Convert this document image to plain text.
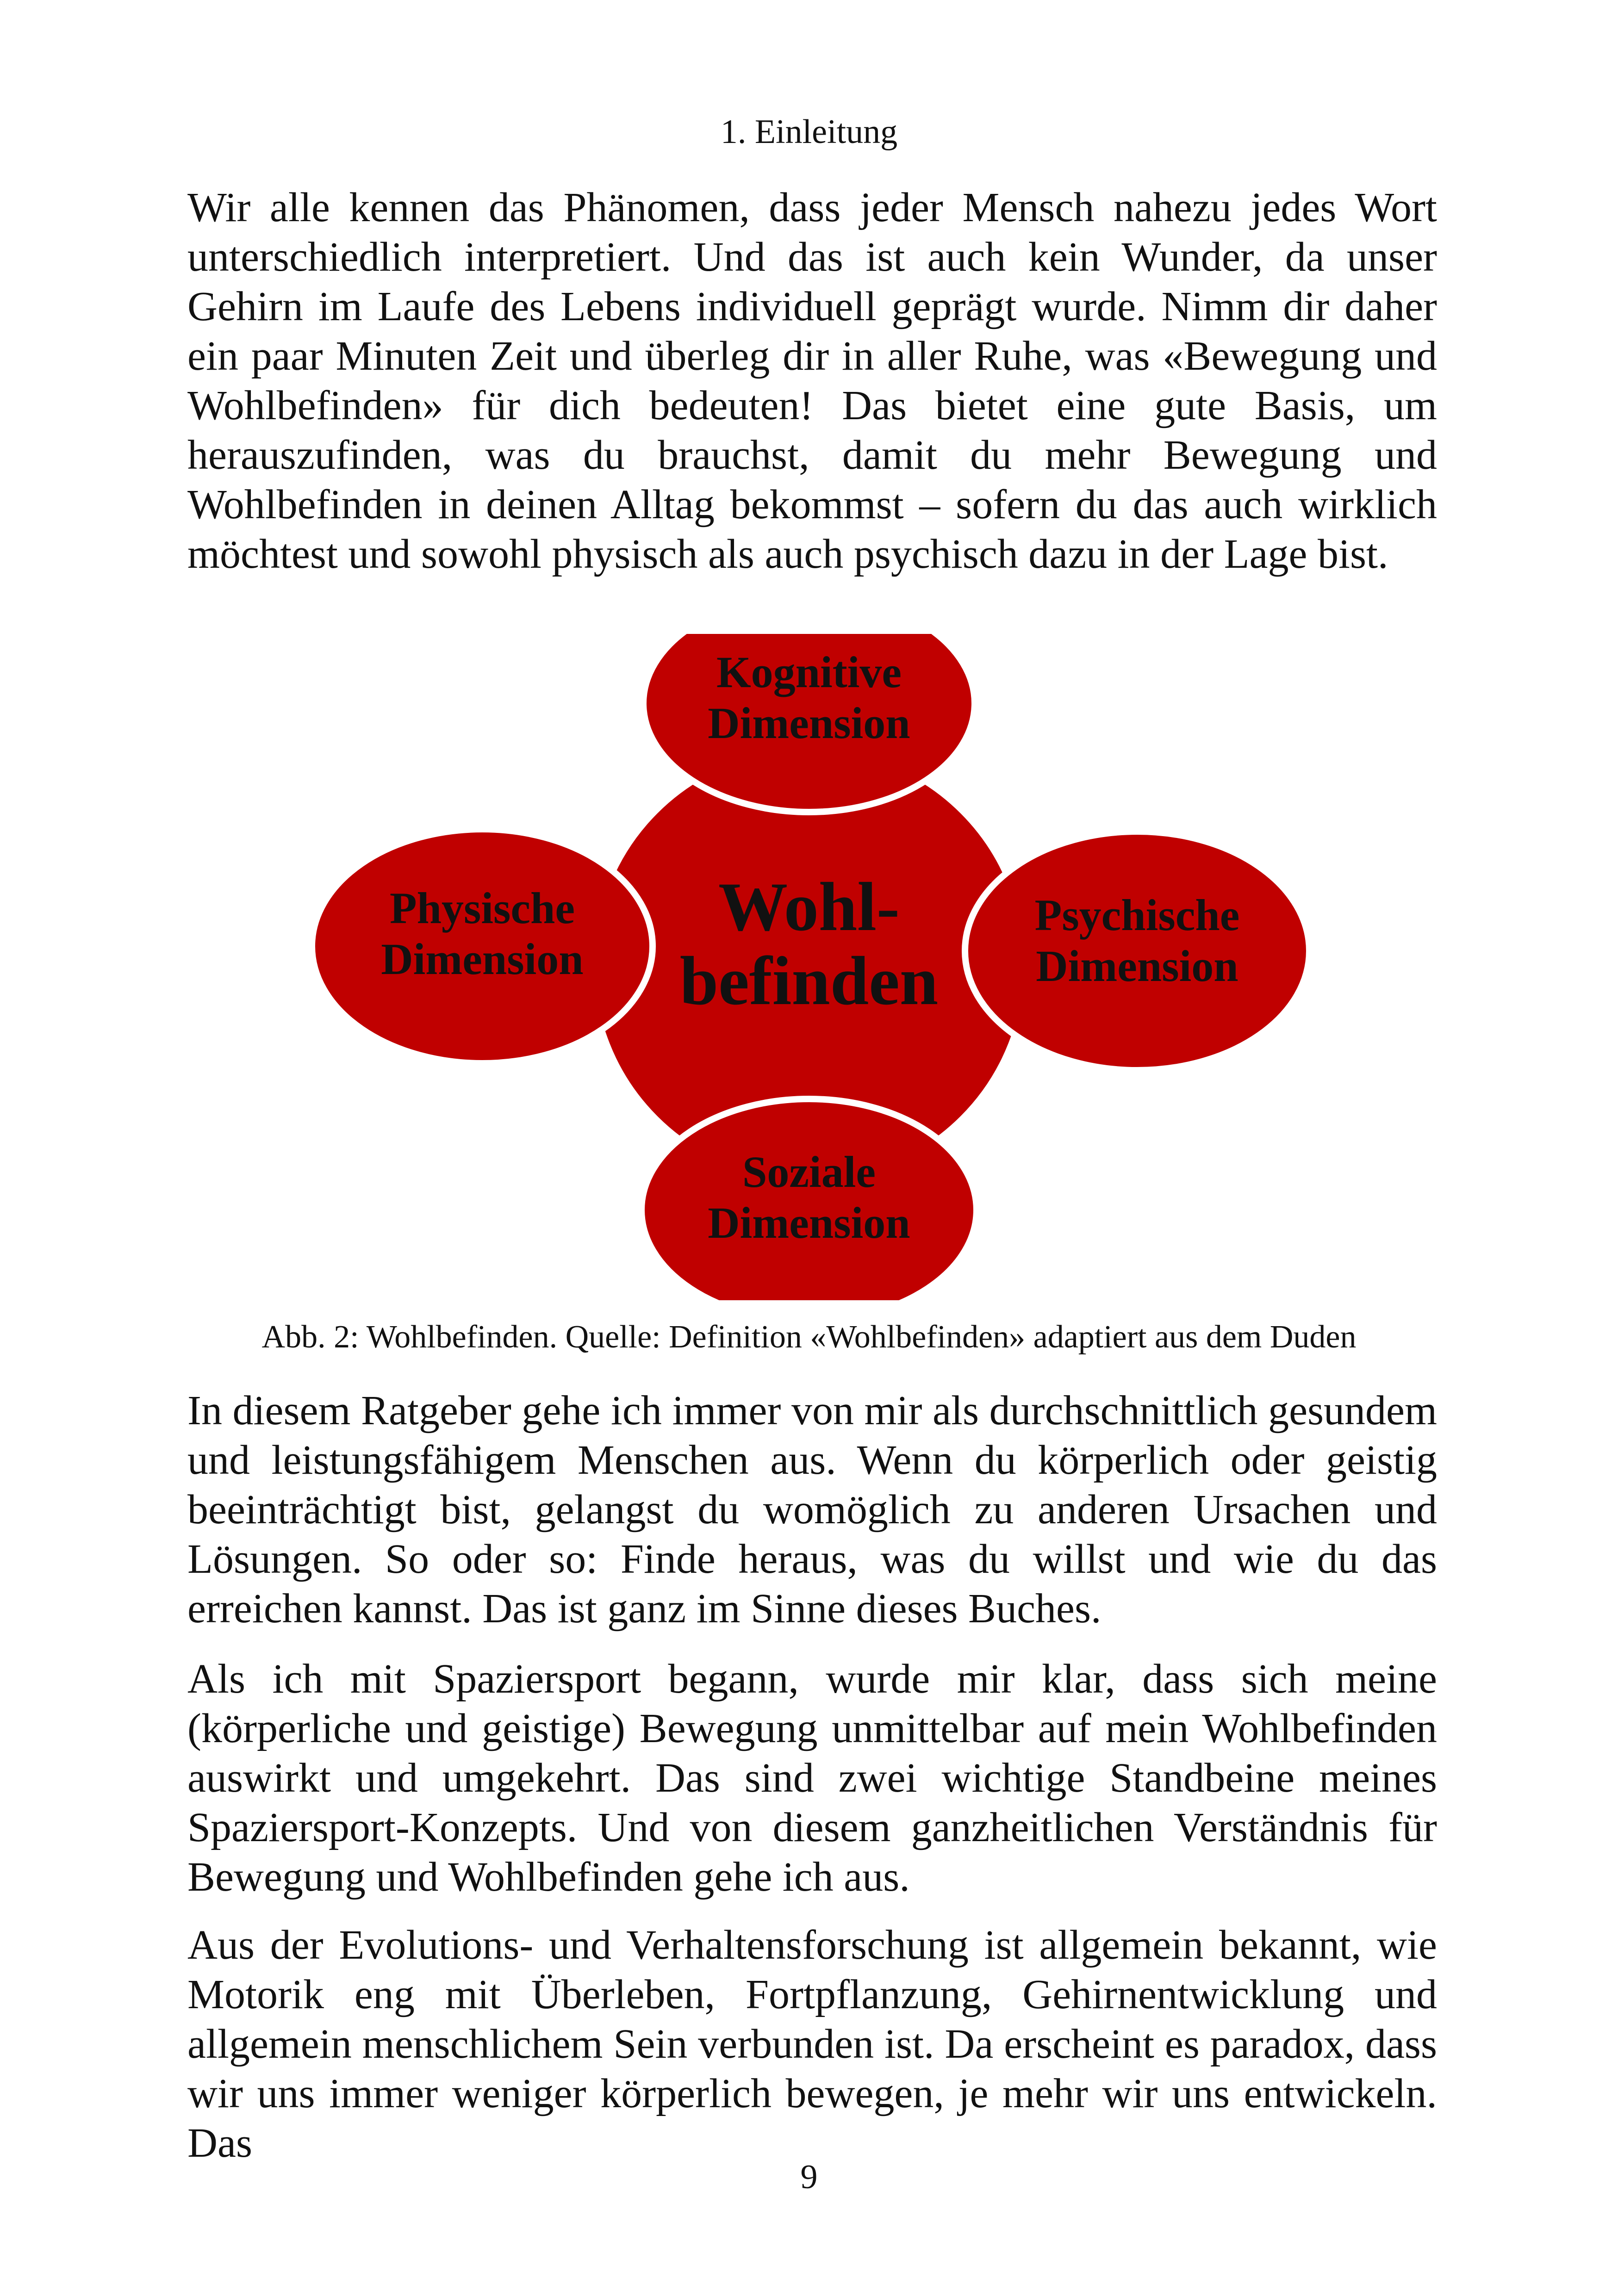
1. Einleitung

Wir alle kennen das Phänomen, dass jeder Mensch nahezu jedes Wort unterschiedlich interpretiert. Und das ist auch kein Wunder, da unser Gehirn im Laufe des Lebens individuell geprägt wurde. Nimm dir daher ein paar Minuten Zeit und überleg dir in aller Ruhe, was «Bewegung und Wohlbefinden» für dich bedeuten! Das bietet eine gute Basis, um herauszufinden, was du brauchst, damit du mehr Bewegung und Wohlbefinden in deinen Alltag bekommst – sofern du das auch wirklich möchtest und sowohl physisch als auch psychisch dazu in der Lage bist.

Wohl-
befinden
Kognitive
Dimension
Physische
Dimension
Psychische
Dimension
Soziale
Dimension
Abb. 2: Wohlbefinden. Quelle: Definition «Wohlbefinden» adaptiert aus dem Duden

In diesem Ratgeber gehe ich immer von mir als durchschnittlich gesundem und leistungsfähigem Menschen aus. Wenn du körperlich oder geistig beeinträchtigt bist, gelangst du womöglich zu anderen Ursachen und Lösungen. So oder so: Finde heraus, was du willst und wie du das erreichen kannst. Das ist ganz im Sinne dieses Buches.

Als ich mit Spaziersport begann, wurde mir klar, dass sich meine (körperliche und geistige) Bewegung unmittelbar auf mein Wohlbefinden auswirkt und umgekehrt. Das sind zwei wichtige Standbeine meines Spaziersport-Konzepts. Und von diesem ganzheitlichen Verständnis für Bewegung und Wohlbefinden gehe ich aus.

Aus der Evolutions- und Verhaltensforschung ist allgemein bekannt, wie Motorik eng mit Überleben, Fortpflanzung, Gehirnentwicklung und allgemein menschlichem Sein verbunden ist. Da erscheint es paradox, dass wir uns immer weniger körperlich bewegen, je mehr wir uns entwickeln. Das

9
